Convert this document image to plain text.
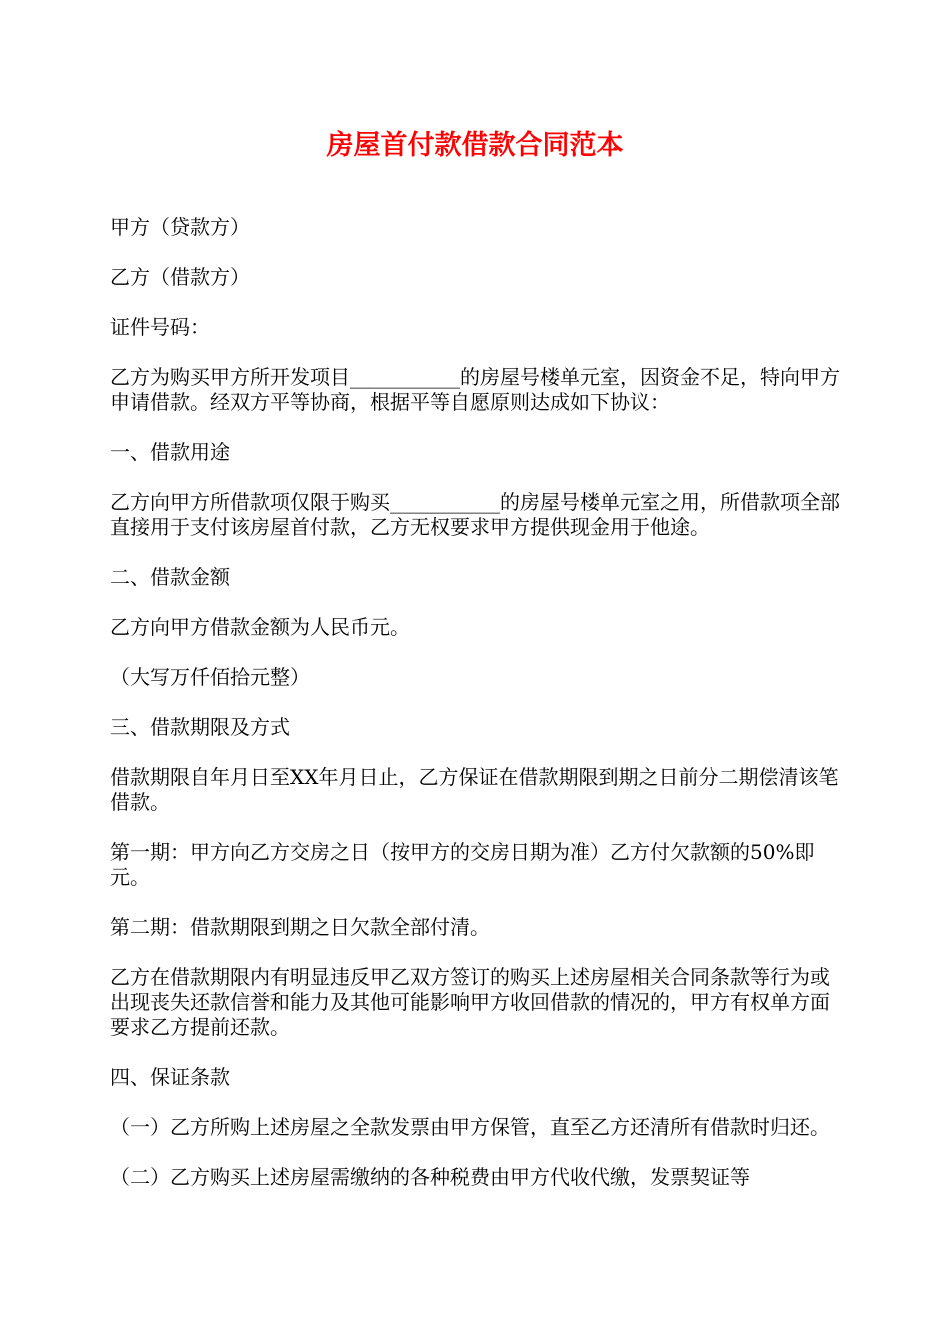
房屋首付款借款合同范本

甲方（贷款方）

乙方（借款方）

证件号码：

乙方为购买甲方所开发项目___________的房屋号楼单元室，因资金不足，特向甲方申请借款。经双方平等协商，根据平等自愿原则达成如下协议：

一、借款用途

乙方向甲方所借款项仅限于购买___________的房屋号楼单元室之用，所借款项全部直接用于支付该房屋首付款，乙方无权要求甲方提供现金用于他途。

二、借款金额

乙方向甲方借款金额为人民币元。

（大写万仟佰拾元整）

三、借款期限及方式

借款期限自年月日至XX年月日止，乙方保证在借款期限到期之日前分二期偿清该笔借款。

第一期：甲方向乙方交房之日（按甲方的交房日期为准）乙方付欠款额的50%即元。

第二期：借款期限到期之日欠款全部付清。

乙方在借款期限内有明显违反甲乙双方签订的购买上述房屋相关合同条款等行为或出现丧失还款信誉和能力及其他可能影响甲方收回借款的情况的，甲方有权单方面要求乙方提前还款。

四、保证条款

（一）乙方所购上述房屋之全款发票由甲方保管，直至乙方还清所有借款时归还。

（二）乙方购买上述房屋需缴纳的各种税费由甲方代收代缴，发票契证等
